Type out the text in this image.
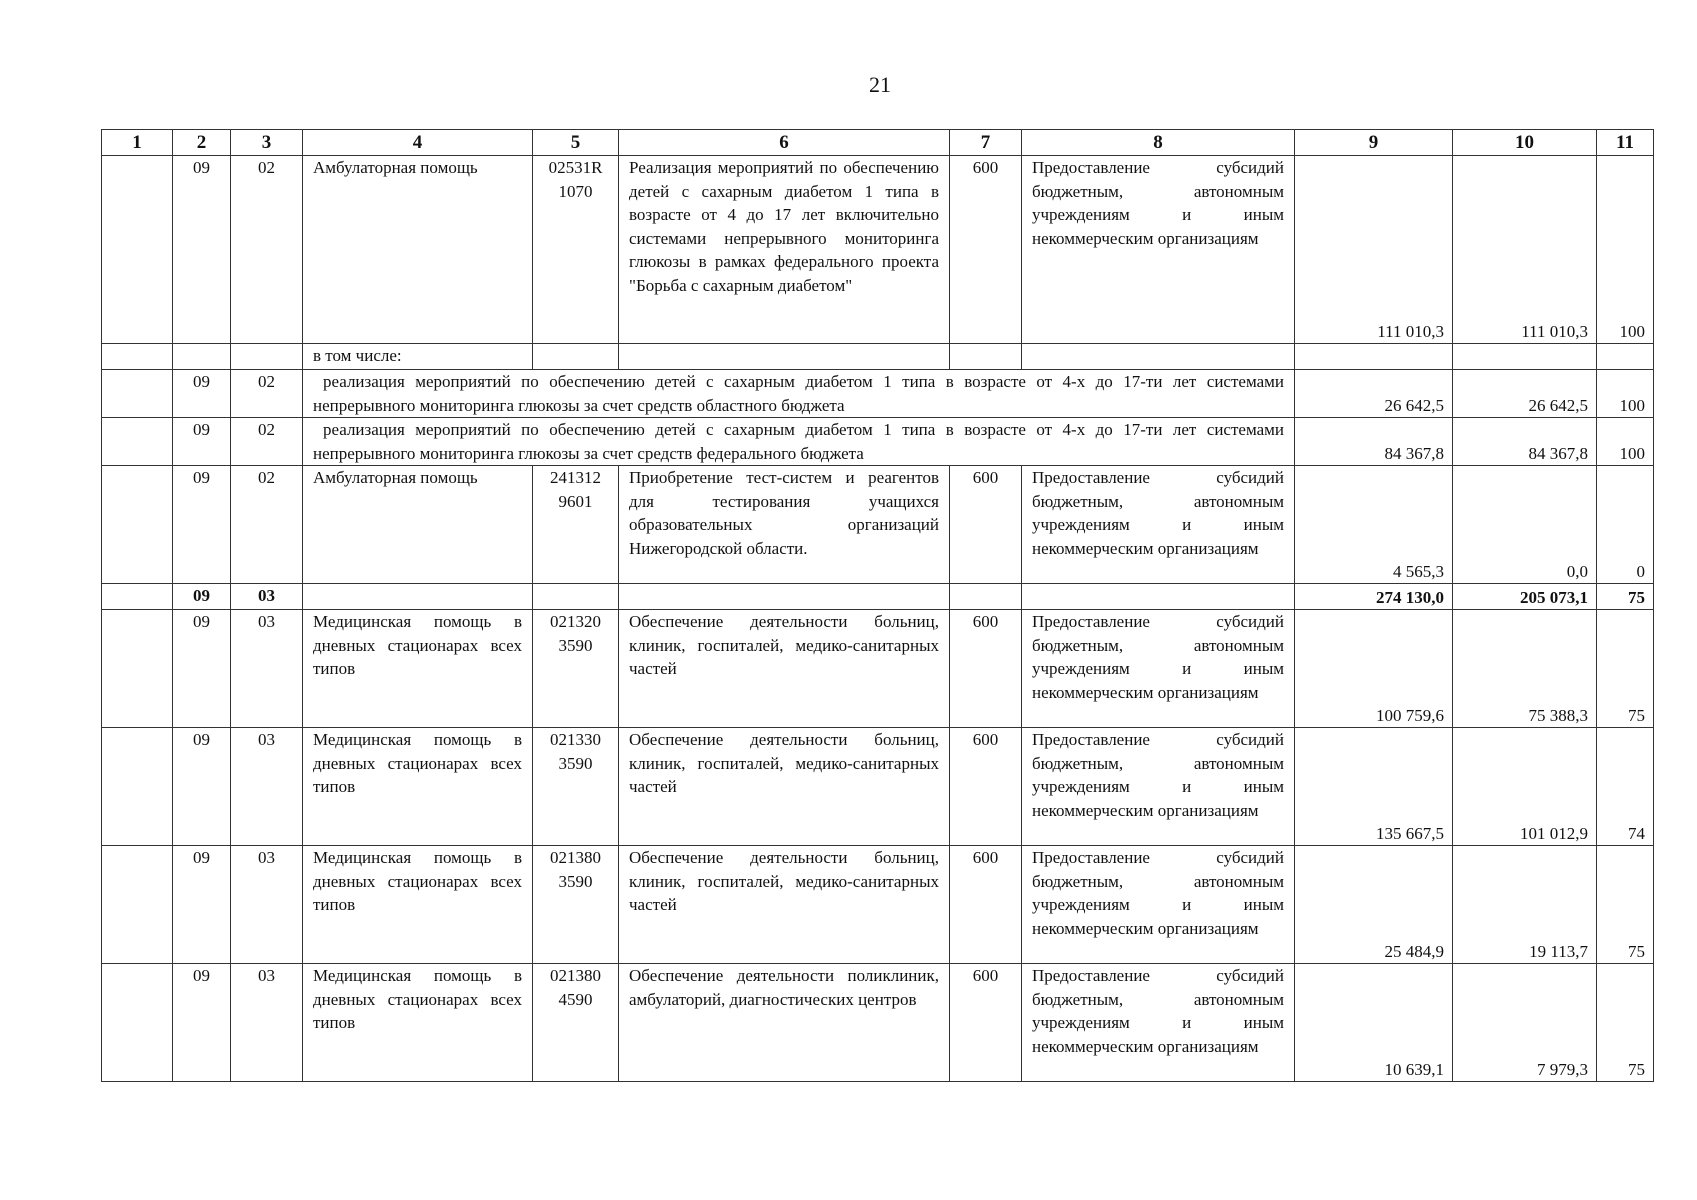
21
1	2	3	4	5	6	7	8	9	10	11
	09	02	Амбулаторная помощь	02531R 1070	Реализация мероприятий по обеспечению детей с сахарным диабетом 1 типа в возрасте от 4 до 17 лет включительно системами непрерывного мониторинга глюкозы в рамках федерального проекта "Борьба с сахарным диабетом"	600	Предоставление субсидий бюджетным, автономным учреждениям и иным некоммерческим организациям	111 010,3	111 010,3	100
			в том числе:							
	09	02	реализация мероприятий по обеспечению детей с сахарным диабетом 1 типа в возрасте от 4-х до 17-ти лет системами непрерывного мониторинга глюкозы за счет средств областного бюджета					26 642,5	26 642,5	100
	09	02	реализация мероприятий по обеспечению детей с сахарным диабетом 1 типа в возрасте от 4-х до 17-ти лет системами непрерывного мониторинга глюкозы за счет средств федерального бюджета					84 367,8	84 367,8	100
	09	02	Амбулаторная помощь	241312 9601	Приобретение тест-систем и реагентов для тестирования учащихся образовательных организаций Нижегородской области.	600	Предоставление субсидий бюджетным, автономным учреждениям и иным некоммерческим организациям	4 565,3	0,0	0
	09	03						274 130,0	205 073,1	75
	09	03	Медицинская помощь в дневных стационарах всех типов	021320 3590	Обеспечение деятельности больниц, клиник, госпиталей, медико-санитарных частей	600	Предоставление субсидий бюджетным, автономным учреждениям и иным некоммерческим организациям	100 759,6	75 388,3	75
	09	03	Медицинская помощь в дневных стационарах всех типов	021330 3590	Обеспечение деятельности больниц, клиник, госпиталей, медико-санитарных частей	600	Предоставление субсидий бюджетным, автономным учреждениям и иным некоммерческим организациям	135 667,5	101 012,9	74
	09	03	Медицинская помощь в дневных стационарах всех типов	021380 3590	Обеспечение деятельности больниц, клиник, госпиталей, медико-санитарных частей	600	Предоставление субсидий бюджетным, автономным учреждениям и иным некоммерческим организациям	25 484,9	19 113,7	75
	09	03	Медицинская помощь в дневных стационарах всех типов	021380 4590	Обеспечение деятельности поликлиник, амбулаторий, диагностических центров	600	Предоставление субсидий бюджетным, автономным учреждениям и иным некоммерческим организациям	10 639,1	7 979,3	75
